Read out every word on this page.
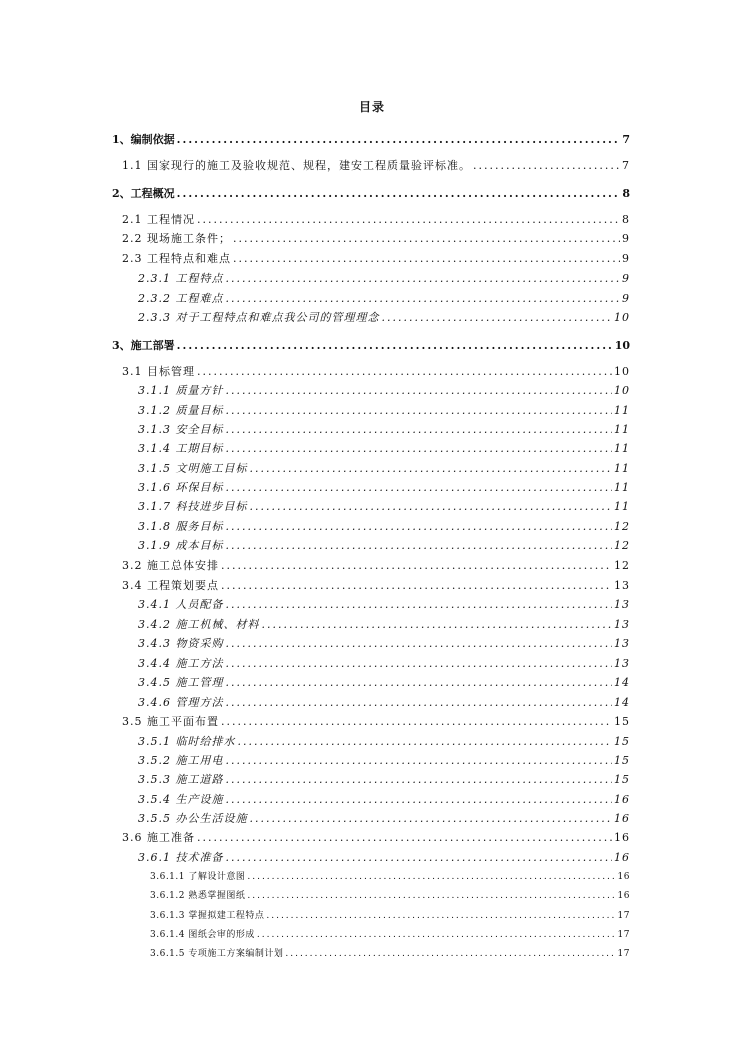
目录
1、编制依据 .....	7
1.1 国家现行的施工及验收规范、规程，建安工程质量验评标准。 .....	7
2、工程概况 .....	8
2.1 工程情况 .....	8
2.2 现场施工条件； .....	9
2.3 工程特点和难点 .....	9
2.3.1 工程特点 .....	9
2.3.2 工程难点 .....	9
2.3.3 对于工程特点和难点我公司的管理理念 .....	10
3、施工部署 .....	10
3.1 目标管理 .....	10
3.1.1 质量方针 .....	10
3.1.2 质量目标 .....	11
3.1.3 安全目标 .....	11
3.1.4 工期目标 .....	11
3.1.5 文明施工目标 .....	11
3.1.6 环保目标 .....	11
3.1.7 科技进步目标 .....	11
3.1.8 服务目标 .....	12
3.1.9 成本目标 .....	12
3.2 施工总体安排 .....	12
3.4 工程策划要点 .....	13
3.4.1 人员配备 .....	13
3.4.2 施工机械、材料 .....	13
3.4.3 物资采购 .....	13
3.4.4 施工方法 .....	13
3.4.5 施工管理 .....	14
3.4.6 管理方法 .....	14
3.5 施工平面布置 .....	15
3.5.1 临时给排水 .....	15
3.5.2 施工用电 .....	15
3.5.3 施工道路 .....	15
3.5.4 生产设施 .....	16
3.5.5 办公生活设施 .....	16
3.6 施工准备 .....	16
3.6.1 技术准备 .....	16
3.6.1.1 了解设计意图 .....	16
3.6.1.2 熟悉掌握图纸 .....	16
3.6.1.3 掌握拟建工程特点 .....	17
3.6.1.4 图纸会审的形成 .....	17
3.6.1.5 专项施工方案编制计划 .....	17
